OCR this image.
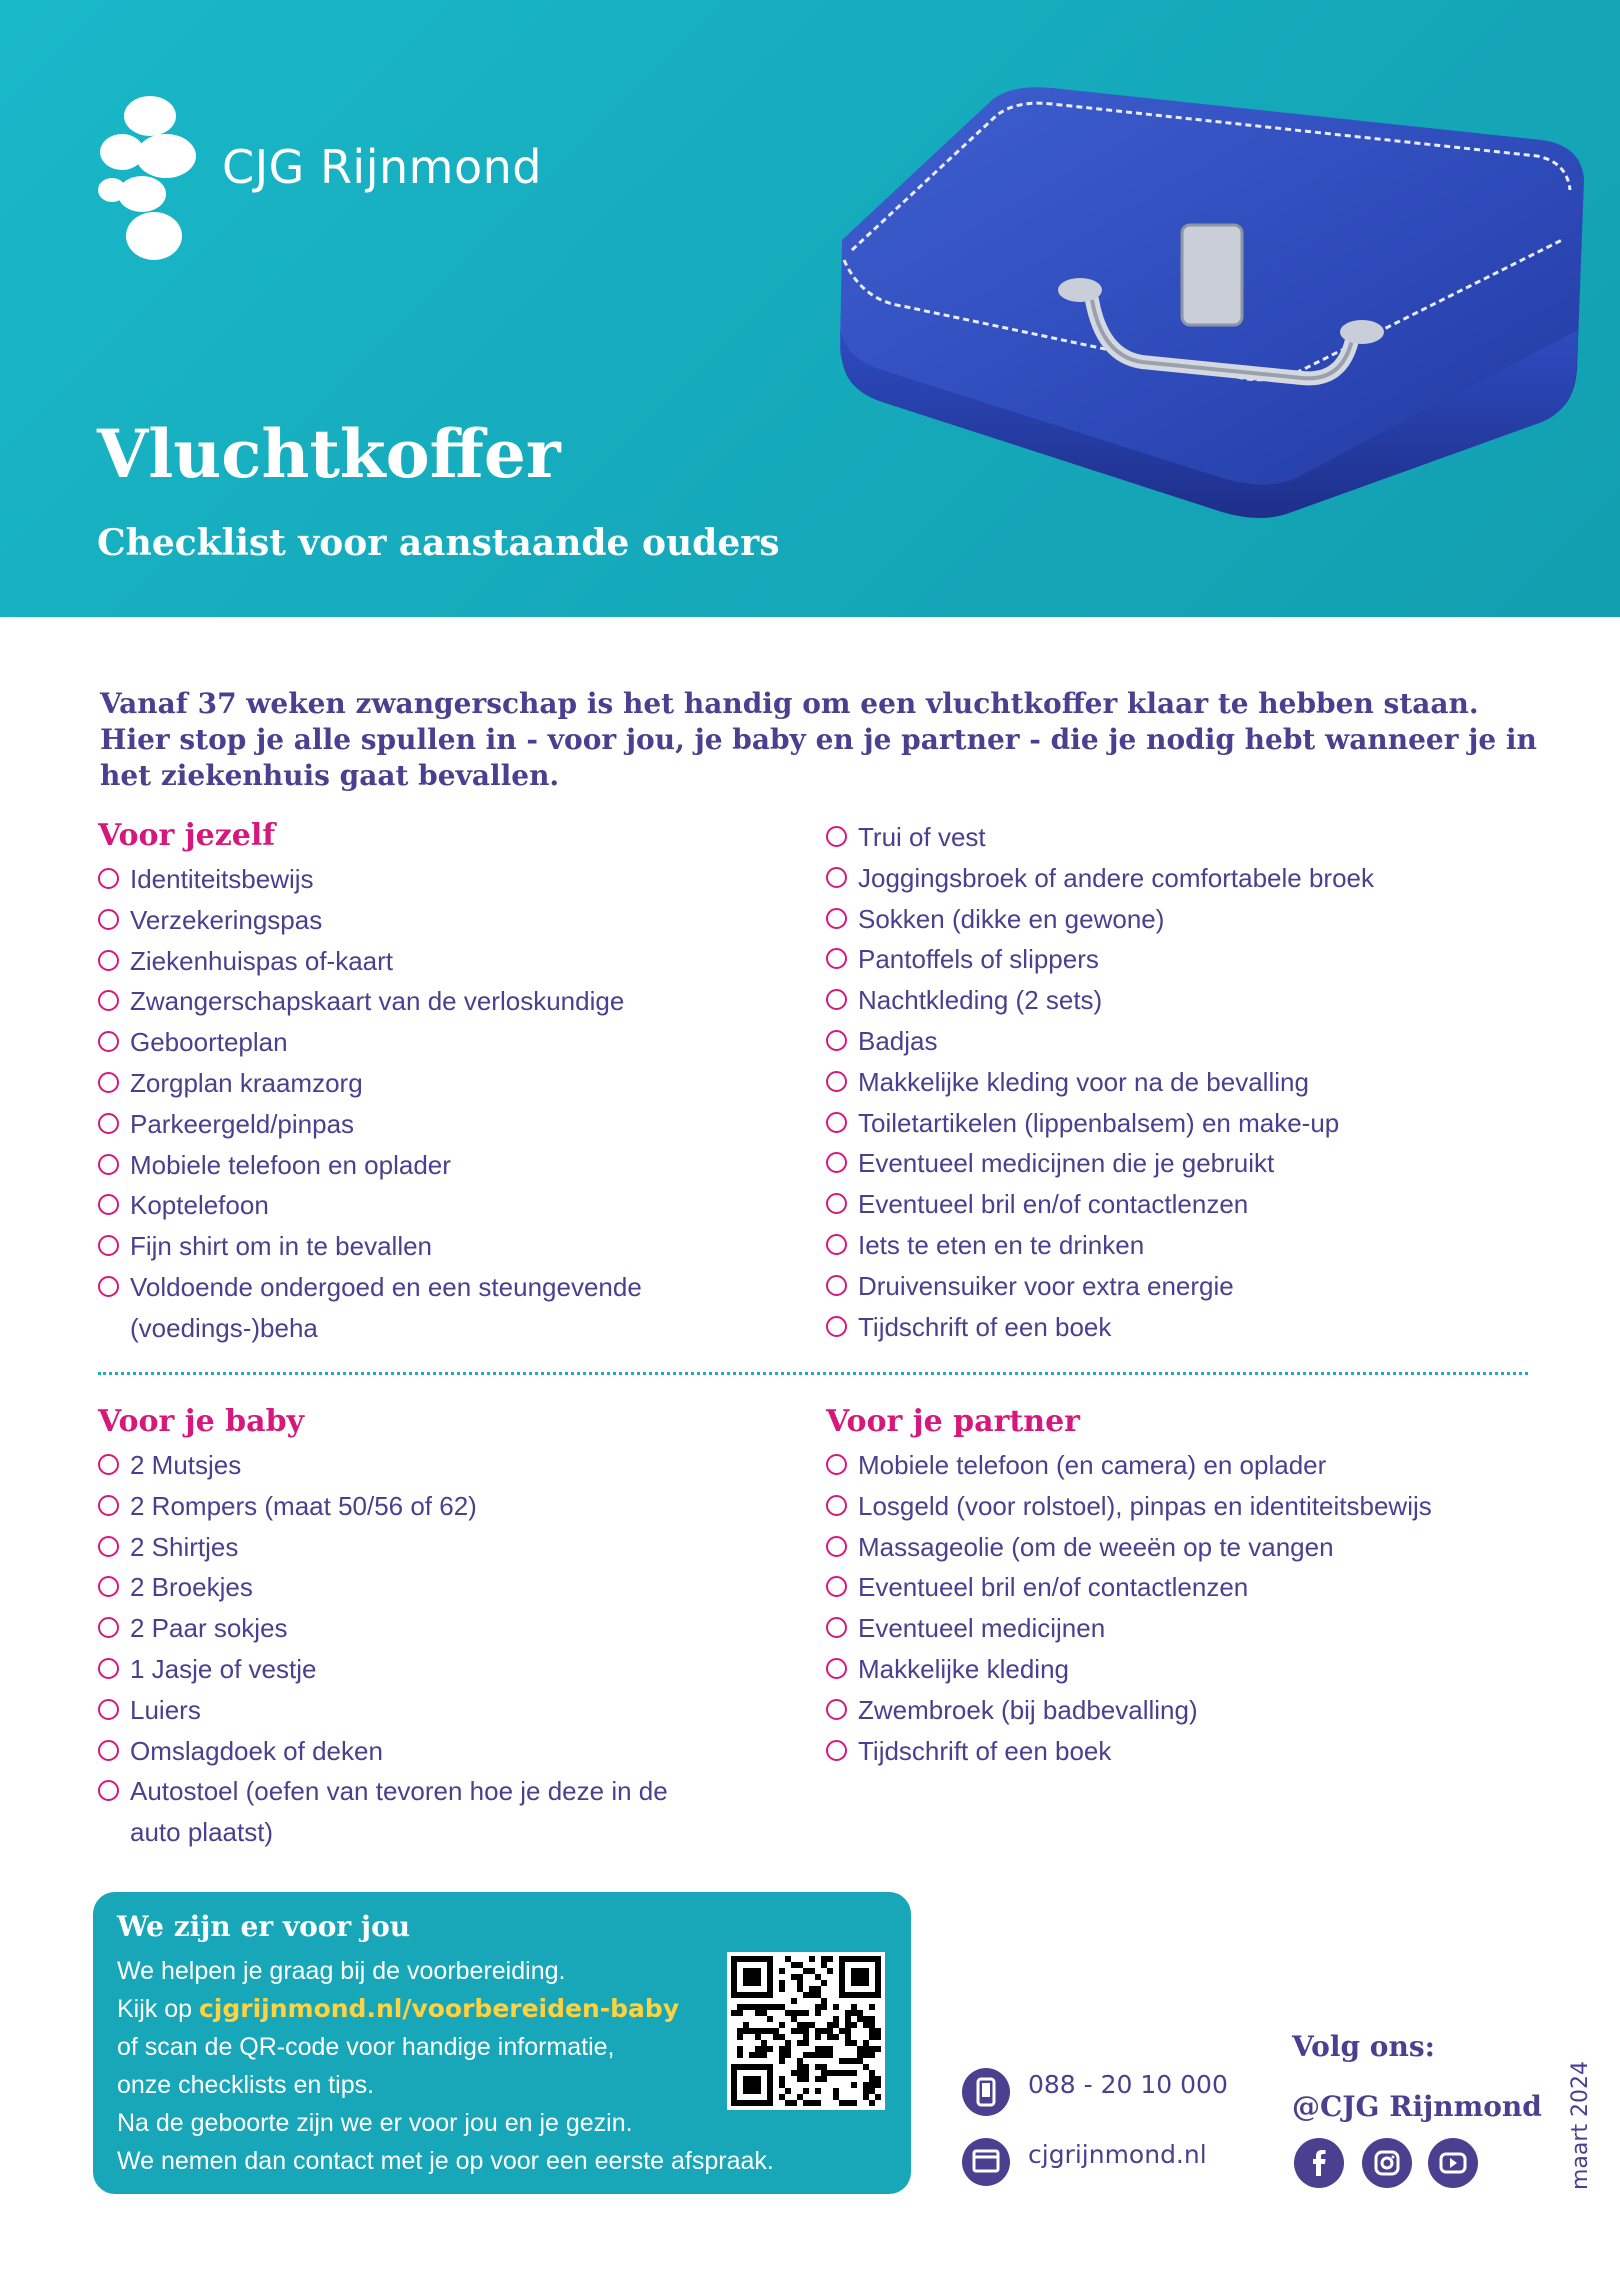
CJG Rijnmond
Vluchtkoffer
Checklist voor aanstaande ouders
Vanaf 37 weken zwangerschap is het handig om een vluchtkoffer klaar te hebben staan. Hier stop je alle spullen in - voor jou, je baby en je partner - die je nodig hebt wanneer je in het ziekenhuis gaat bevallen.
Voor jezelf
Identiteitsbewijs
Verzekeringspas
Ziekenhuispas of-kaart
Zwangerschapskaart van de verloskundige
Geboorteplan
Zorgplan kraamzorg
Parkeergeld/pinpas
Mobiele telefoon en oplader
Koptelefoon
Fijn shirt om in te bevallen
Voldoende ondergoed en een steungevende (voedings-)beha
Trui of vest
Joggingsbroek of andere comfortabele broek
Sokken (dikke en gewone)
Pantoffels of slippers
Nachtkleding (2 sets)
Badjas
Makkelijke kleding voor na de bevalling
Toiletartikelen (lippenbalsem) en make-up
Eventueel medicijnen die je gebruikt
Eventueel bril en/of contactlenzen
Iets te eten en te drinken
Druivensuiker voor extra energie
Tijdschrift of een boek
Voor je baby
2 Mutsjes
2 Rompers (maat 50/56 of 62)
2 Shirtjes
2 Broekjes
2 Paar sokjes
1 Jasje of vestje
Luiers
Omslagdoek of deken
Autostoel (oefen van tevoren hoe je deze in de auto plaatst)
Voor je partner
Mobiele telefoon (en camera) en oplader
Losgeld (voor rolstoel), pinpas en identiteitsbewijs
Massageolie (om de weeën op te vangen
Eventueel bril en/of contactlenzen
Eventueel medicijnen
Makkelijke kleding
Zwembroek (bij badbevalling)
Tijdschrift of een boek
We zijn er voor jou
We helpen je graag bij de voorbereiding.
Kijk op cjgrijnmond.nl/voorbereiden-baby
of scan de QR-code voor handige informatie,
onze checklists en tips.
Na de geboorte zijn we er voor jou en je gezin.
We nemen dan contact met je op voor een eerste afspraak.
088 - 20 10 000
cjgrijnmond.nl
Volg ons:
@CJG Rijnmond maart 2024
